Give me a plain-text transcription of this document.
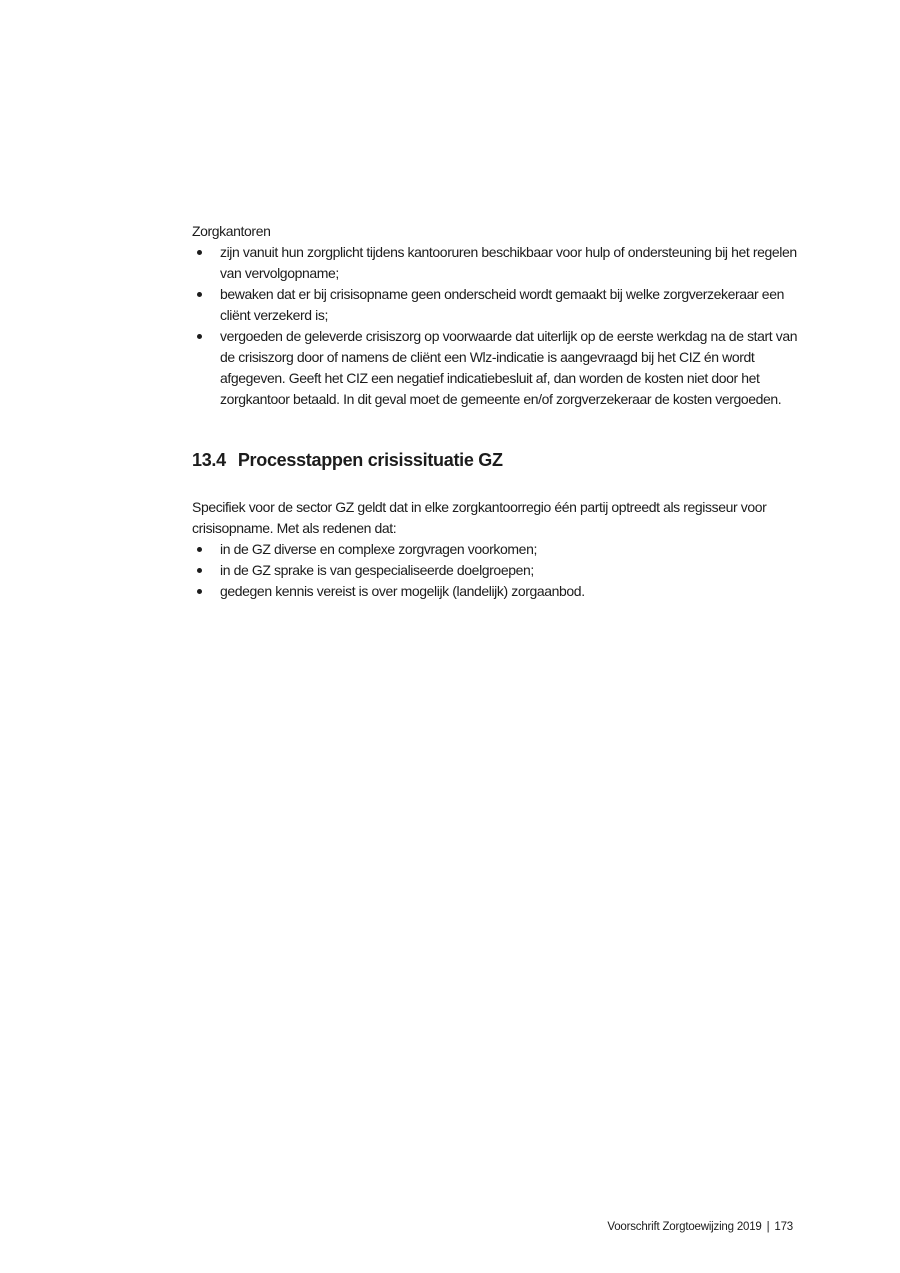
Zorgkantoren

zijn vanuit hun zorgplicht tijdens kantooruren beschikbaar voor hulp of ondersteuning bij het regelen van vervolgopname;
bewaken dat er bij crisisopname geen onderscheid wordt gemaakt bij welke zorgverzekeraar een cliënt verzekerd is;
vergoeden de geleverde crisiszorg op voorwaarde dat uiterlijk op de eerste werkdag na de start van de crisiszorg door of namens de cliënt een Wlz-indicatie is aangevraagd bij het CIZ én wordt afgegeven. Geeft het CIZ een negatief indicatiebesluit af, dan worden de kosten niet door het zorgkantoor betaald. In dit geval moet de gemeente en/of zorgverzekeraar de kosten vergoeden.
13.4 Processtappen crisissituatie GZ

Specifiek voor de sector GZ geldt dat in elke zorgkantoorregio één partij optreedt als regisseur voor crisisopname. Met als redenen dat:

in de GZ diverse en complexe zorgvragen voorkomen;
in de GZ sprake is van gespecialiseerde doelgroepen;
gedegen kennis vereist is over mogelijk (landelijk) zorgaanbod.
Voorschrift Zorgtoewijzing 2019 | 173
